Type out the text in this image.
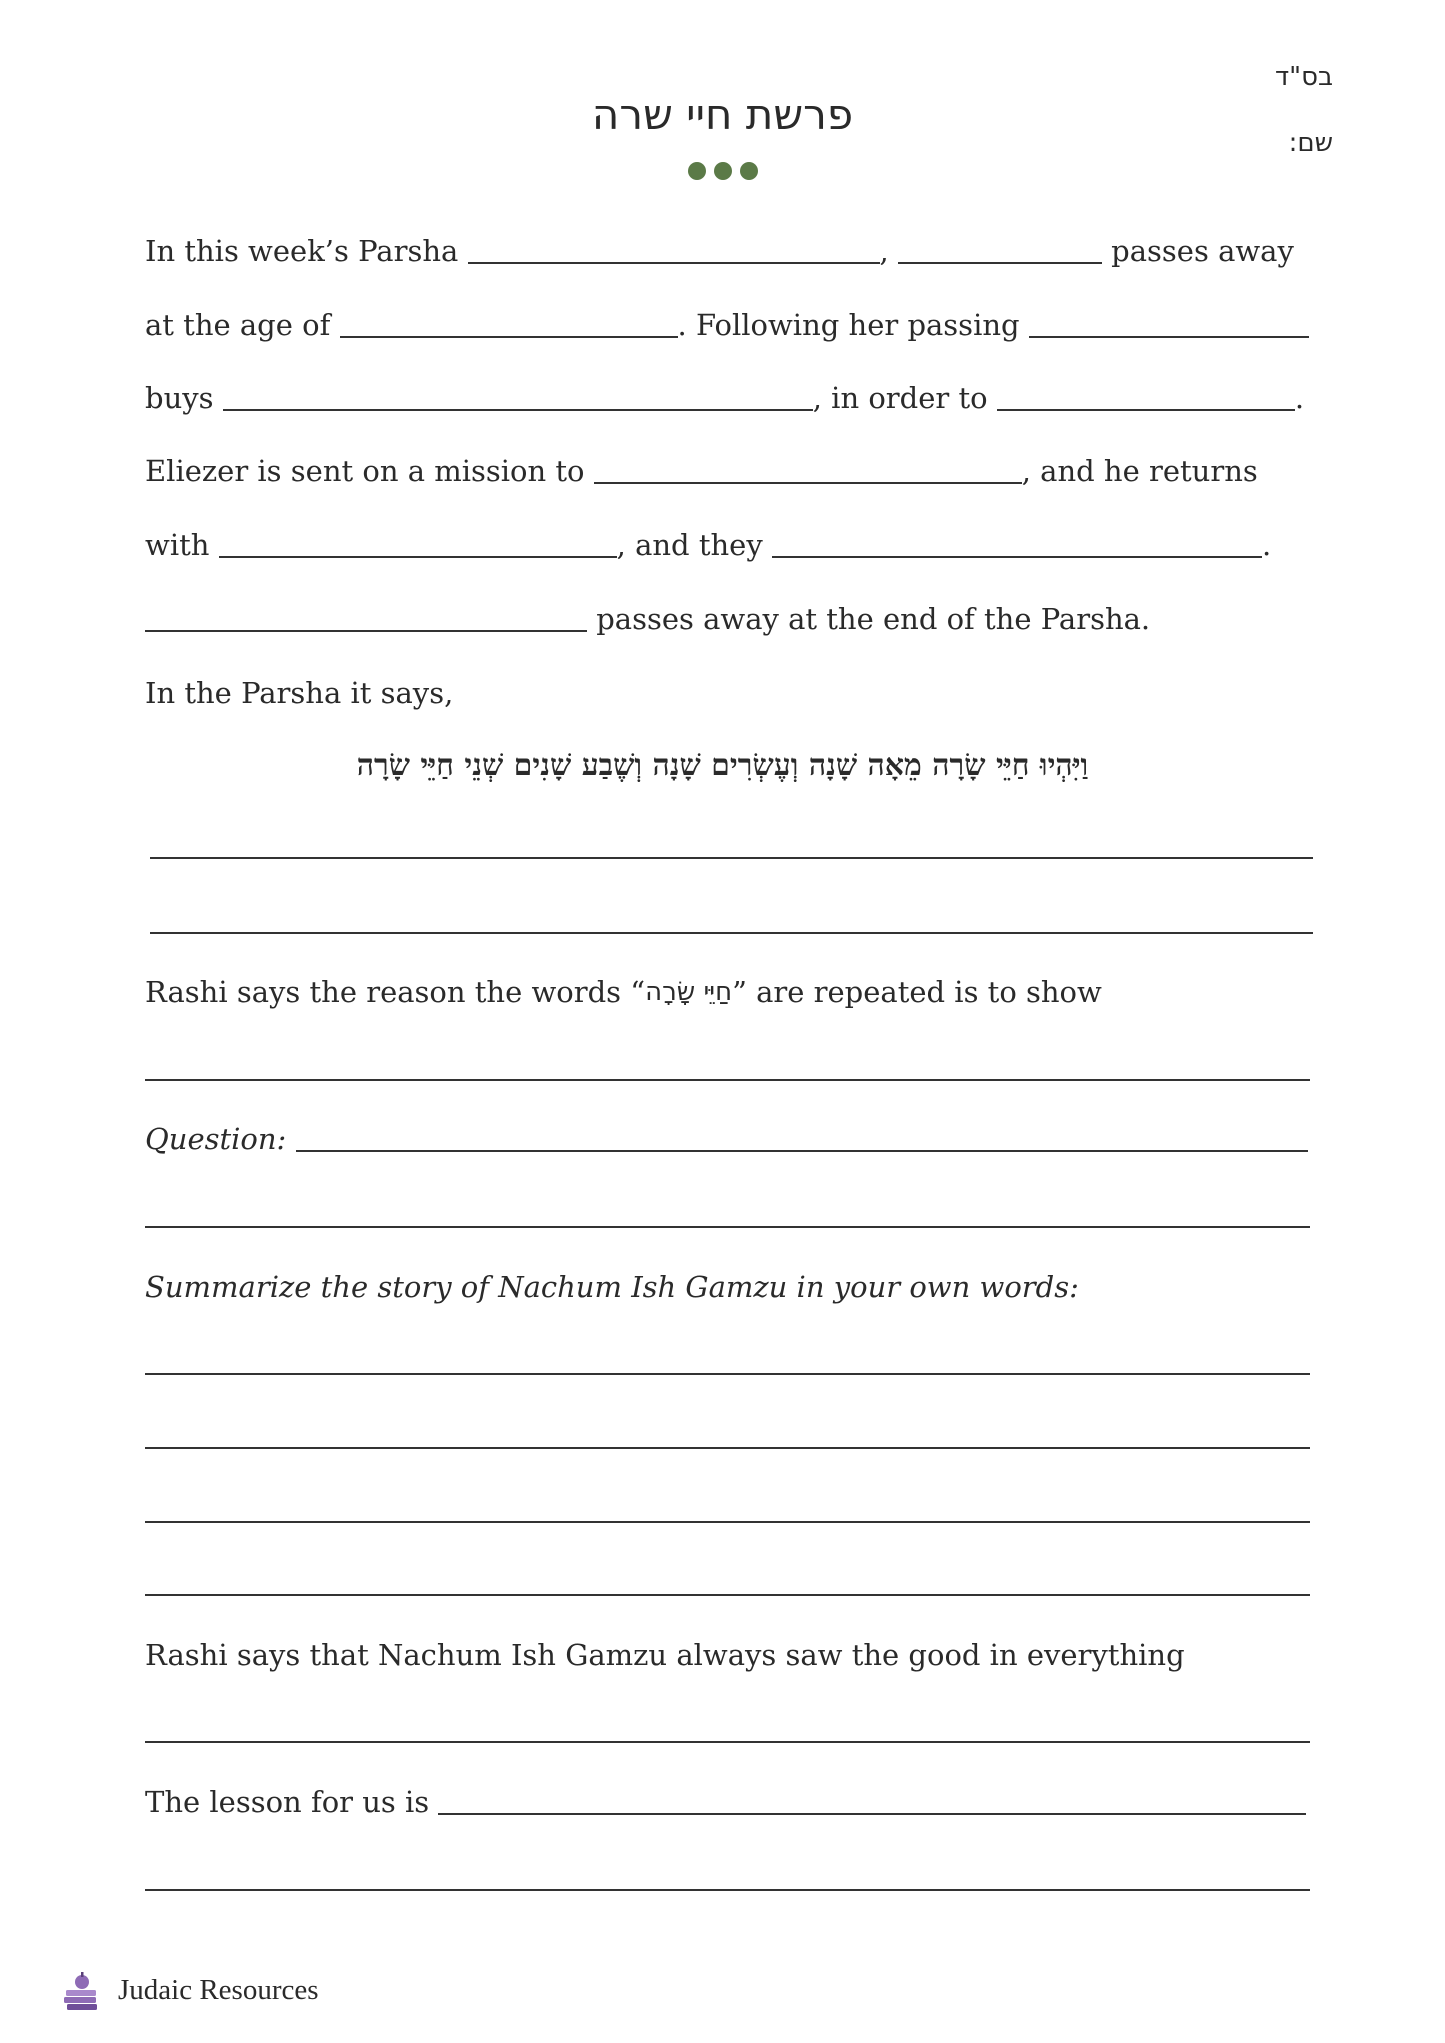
בס"ד
שם:
פרשת חיי שרה
In this week’s Parsha	,	passes away
at the age of	. Following her passing
buys	, in order to	.
Eliezer is sent on a mission to	, and he returns
with	, and they	.
passes away at the end of the Parsha.
In the Parsha it says,
וַיִּהְיוּ חַיֵּי שָׂרָה מֵאָה שָׁנָה וְעֶשְׂרִים שָׁנָה וְשֶׁבַע שָׁנִים שְׁנֵי חַיֵּי שָׂרָה
Rashi says the reason the words “ חַיֵּי שָׂרָה ” are repeated is to show
Question:

Summarize the story of Nachum Ish Gamzu in your own words:
Rashi says that Nachum Ish Gamzu always saw the good in everything
The lesson for us is
Judaic Resources
